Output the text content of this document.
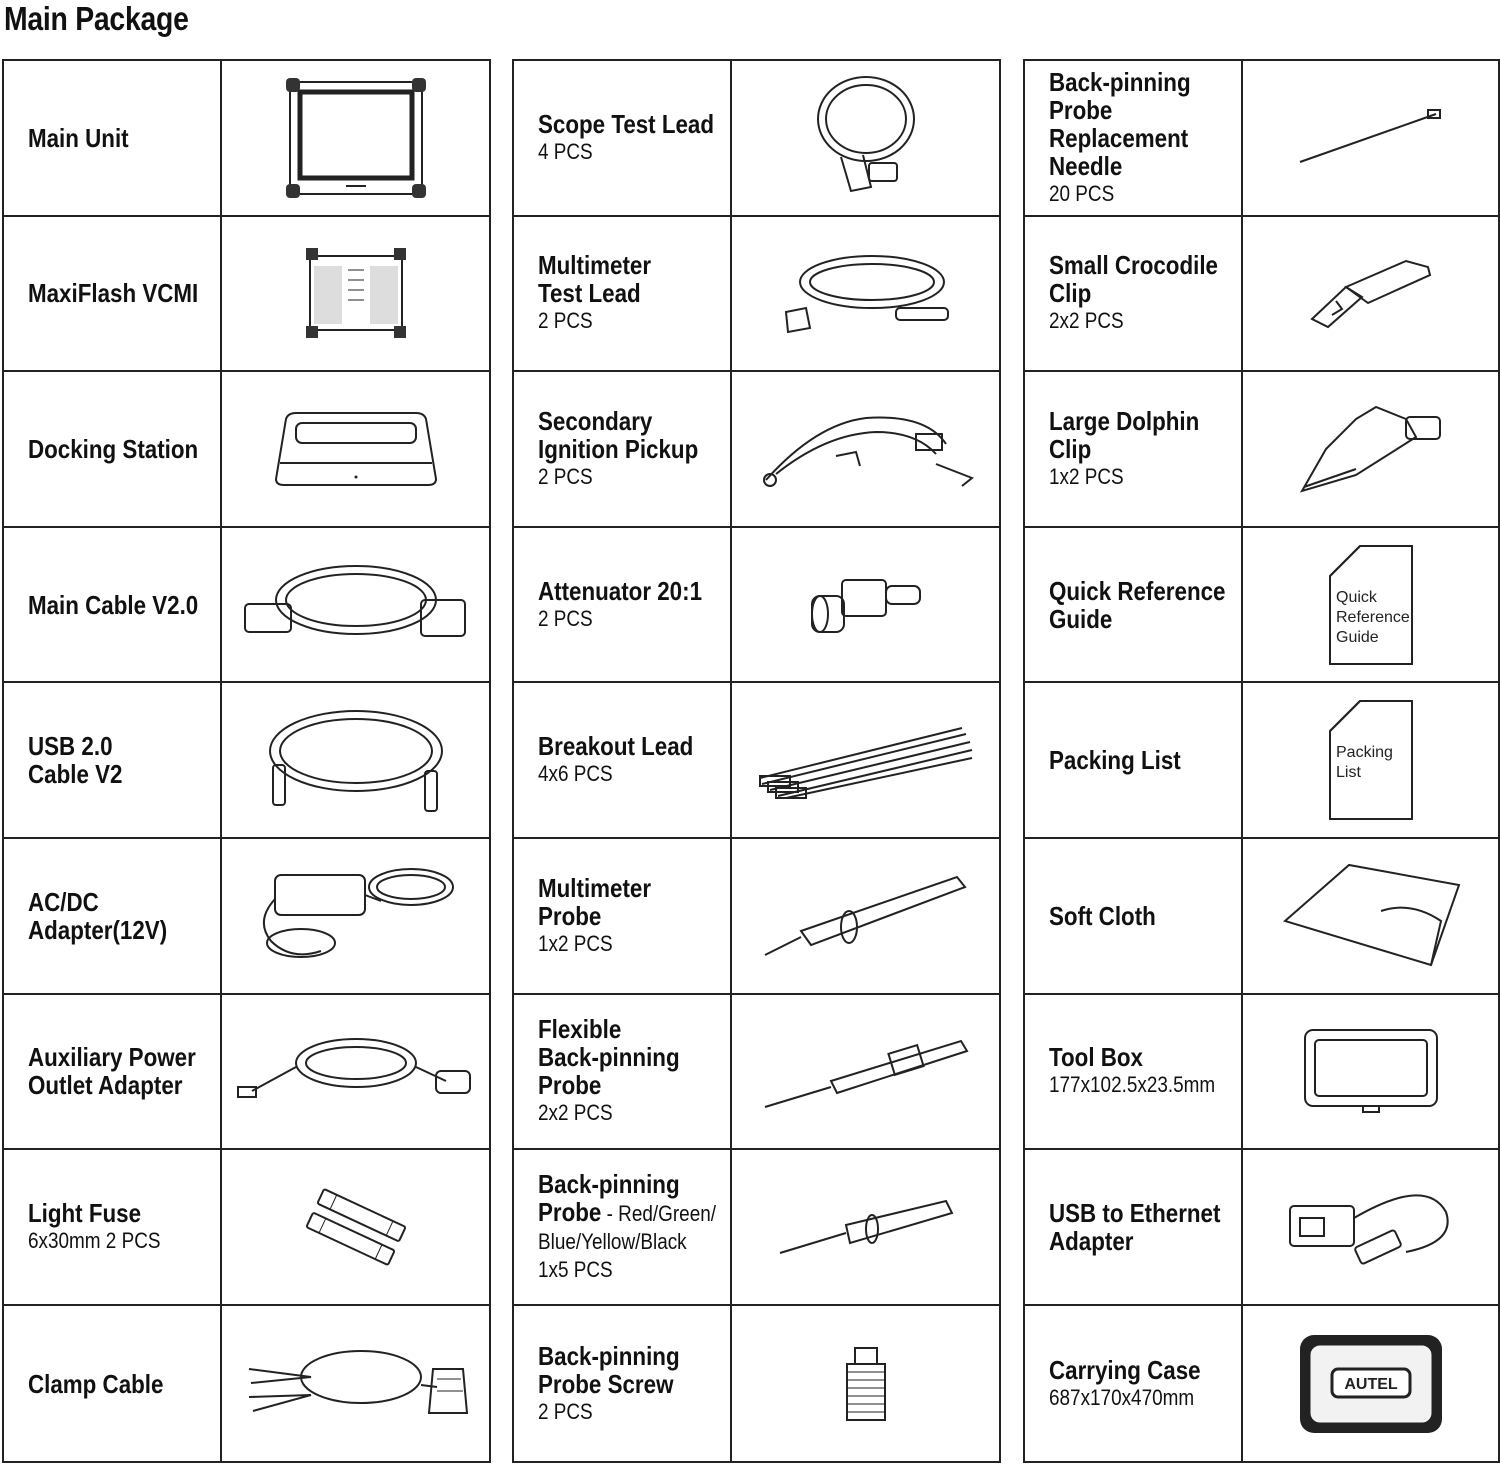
Main Package
Main Unit
MaxiFlash VCMI
Docking Station
Main Cable V2.0
USB 2.0
Cable V2
AC/DC
Adapter(12V)
Auxiliary Power
Outlet Adapter
Light Fuse
6x30mm 2 PCS
Clamp Cable
Scope Test Lead
4 PCS
Multimeter
Test Lead
2 PCS
Secondary
Ignition Pickup
2 PCS
Attenuator 20:1
2 PCS
Breakout Lead
4x6 PCS
Multimeter
Probe
1x2 PCS
Flexible
Back-pinning
Probe
2x2 PCS
Back-pinning
Probe - Red/Green/
Blue/Yellow/Black
1x5 PCS
Back-pinning
Probe Screw
2 PCS
Back-pinning
Probe
Replacement
Needle
20 PCS
Small Crocodile
Clip
2x2 PCS
Large Dolphin
Clip
1x2 PCS
Quick Reference
Guide
Quick
Reference
Guide
Packing List	Packing
List
Soft Cloth
Tool Box
177x102.5x23.5mm
USB to Ethernet
Adapter
Carrying Case
687x170x470mm
AUTEL
